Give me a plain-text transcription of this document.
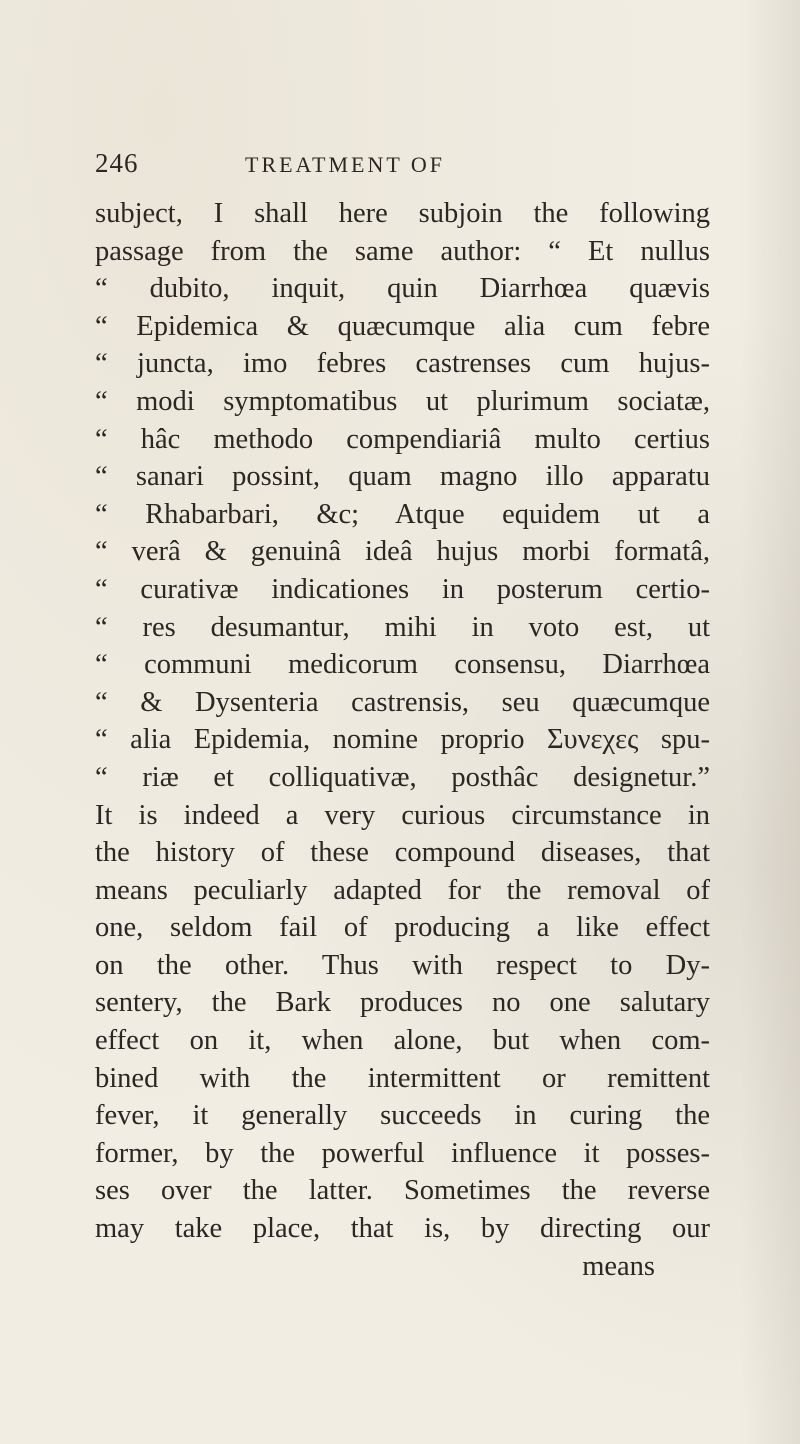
246	TREATMENT OF
subject, I shall here subjoin the following
passage from the same author: “ Et nullus
“ dubito, inquit, quin Diarrhœa quævis
“ Epidemica & quæcumque alia cum febre
“ juncta, imo febres castrenses cum hujus-
“ modi symptomatibus ut plurimum sociatæ,
“ hâc methodo compendiariâ multo certius
“ sanari possint, quam magno illo apparatu
“ Rhabarbari, &c; Atque equidem ut a
“ verâ & genuinâ ideâ hujus morbi formatâ,
“ curativæ indicationes in posterum certio-
“ res desumantur, mihi in voto est, ut
“ communi medicorum consensu, Diarrhœa
“ & Dysenteria castrensis, seu quæcumque
“ alia Epidemia, nomine proprio Συνεχες spu-
“ riæ et colliquativæ, posthâc designetur.”
It is indeed a very curious circumstance in
the history of these compound diseases, that
means peculiarly adapted for the removal of
one, seldom fail of producing a like effect
on the other. Thus with respect to Dy-
sentery, the Bark produces no one salutary
effect on it, when alone, but when com-
bined with the intermittent or remittent
fever, it generally succeeds in curing the
former, by the powerful influence it posses-
ses over the latter. Sometimes the reverse
may take place, that is, by directing our
means
